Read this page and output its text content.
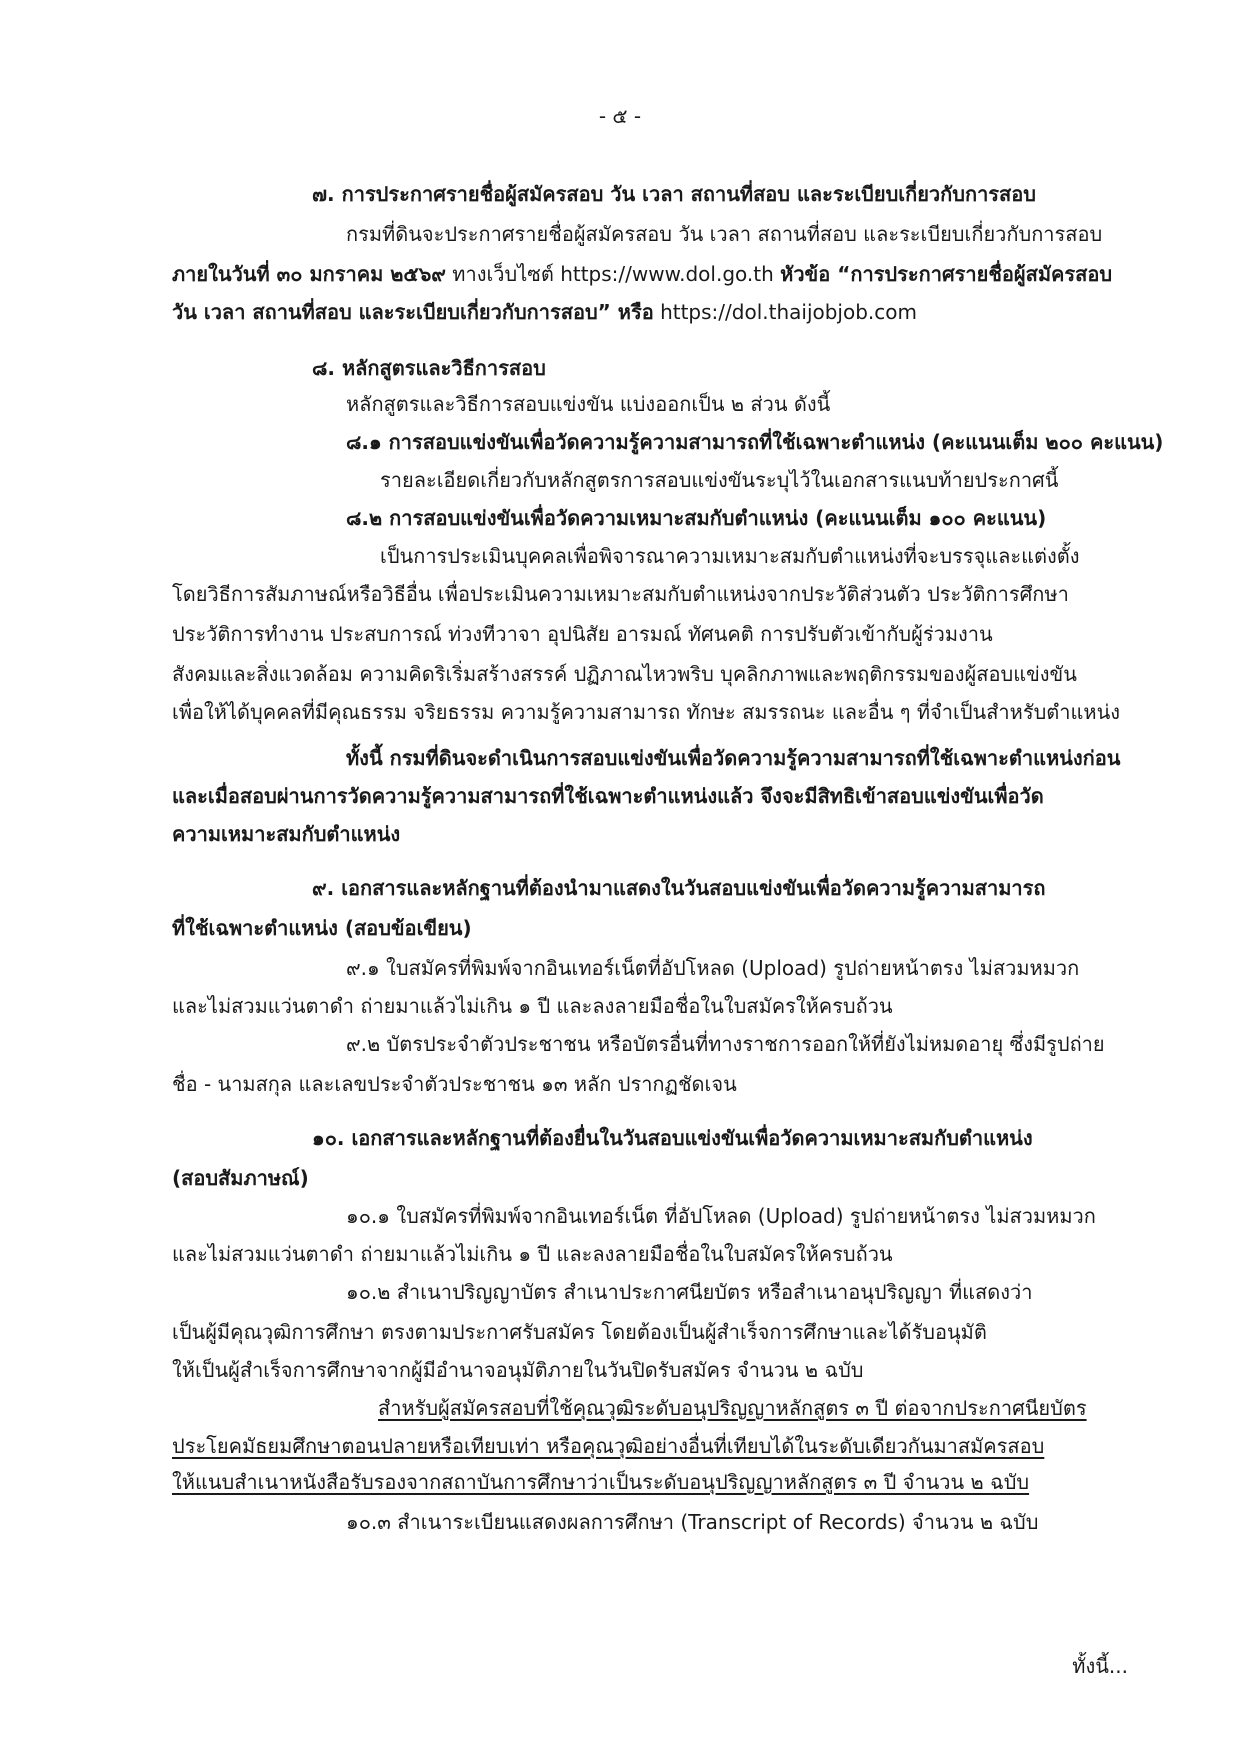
- ๕ -
๗. การประกาศรายชื่อผู้สมัครสอบ วัน เวลา สถานที่สอบ และระเบียบเกี่ยวกับการสอบ
กรมที่ดินจะประกาศรายชื่อผู้สมัครสอบ วัน เวลา สถานที่สอบ และระเบียบเกี่ยวกับการสอบ
ภายในวันที่ ๓๐ มกราคม ๒๕๖๙ ทางเว็บไซต์ https://www.dol.go.th หัวข้อ “การประกาศรายชื่อผู้สมัครสอบ
วัน เวลา สถานที่สอบ และระเบียบเกี่ยวกับการสอบ” หรือ https://dol.thaijobjob.com
๘. หลักสูตรและวิธีการสอบ
หลักสูตรและวิธีการสอบแข่งขัน แบ่งออกเป็น ๒ ส่วน ดังนี้
๘.๑ การสอบแข่งขันเพื่อวัดความรู้ความสามารถที่ใช้เฉพาะตำแหน่ง (คะแนนเต็ม ๒๐๐ คะแนน)
รายละเอียดเกี่ยวกับหลักสูตรการสอบแข่งขันระบุไว้ในเอกสารแนบท้ายประกาศนี้
๘.๒ การสอบแข่งขันเพื่อวัดความเหมาะสมกับตำแหน่ง (คะแนนเต็ม ๑๐๐ คะแนน)
เป็นการประเมินบุคคลเพื่อพิจารณาความเหมาะสมกับตำแหน่งที่จะบรรจุและแต่งตั้ง
โดยวิธีการสัมภาษณ์หรือวิธีอื่น เพื่อประเมินความเหมาะสมกับตำแหน่งจากประวัติส่วนตัว ประวัติการศึกษา
ประวัติการทำงาน ประสบการณ์ ท่วงทีวาจา อุปนิสัย อารมณ์ ทัศนคติ การปรับตัวเข้ากับผู้ร่วมงาน
สังคมและสิ่งแวดล้อม ความคิดริเริ่มสร้างสรรค์ ปฏิภาณไหวพริบ บุคลิกภาพและพฤติกรรมของผู้สอบแข่งขัน
เพื่อให้ได้บุคคลที่มีคุณธรรม จริยธรรม ความรู้ความสามารถ ทักษะ สมรรถนะ และอื่น ๆ ที่จำเป็นสำหรับตำแหน่ง
ทั้งนี้ กรมที่ดินจะดำเนินการสอบแข่งขันเพื่อวัดความรู้ความสามารถที่ใช้เฉพาะตำแหน่งก่อน
และเมื่อสอบผ่านการวัดความรู้ความสามารถที่ใช้เฉพาะตำแหน่งแล้ว จึงจะมีสิทธิเข้าสอบแข่งขันเพื่อวัด
ความเหมาะสมกับตำแหน่ง
๙. เอกสารและหลักฐานที่ต้องนำมาแสดงในวันสอบแข่งขันเพื่อวัดความรู้ความสามารถ
ที่ใช้เฉพาะตำแหน่ง (สอบข้อเขียน)
๙.๑ ใบสมัครที่พิมพ์จากอินเทอร์เน็ตที่อัปโหลด (Upload) รูปถ่ายหน้าตรง ไม่สวมหมวก
และไม่สวมแว่นตาดำ ถ่ายมาแล้วไม่เกิน ๑ ปี และลงลายมือชื่อในใบสมัครให้ครบถ้วน
๙.๒ บัตรประจำตัวประชาชน หรือบัตรอื่นที่ทางราชการออกให้ที่ยังไม่หมดอายุ ซึ่งมีรูปถ่าย
ชื่อ - นามสกุล และเลขประจำตัวประชาชน ๑๓ หลัก ปรากฏชัดเจน
๑๐. เอกสารและหลักฐานที่ต้องยื่นในวันสอบแข่งขันเพื่อวัดความเหมาะสมกับตำแหน่ง
(สอบสัมภาษณ์)
๑๐.๑ ใบสมัครที่พิมพ์จากอินเทอร์เน็ต ที่อัปโหลด (Upload) รูปถ่ายหน้าตรง ไม่สวมหมวก
และไม่สวมแว่นตาดำ ถ่ายมาแล้วไม่เกิน ๑ ปี และลงลายมือชื่อในใบสมัครให้ครบถ้วน
๑๐.๒ สำเนาปริญญาบัตร สำเนาประกาศนียบัตร หรือสำเนาอนุปริญญา ที่แสดงว่า
เป็นผู้มีคุณวุฒิการศึกษา ตรงตามประกาศรับสมัคร โดยต้องเป็นผู้สำเร็จการศึกษาและได้รับอนุมัติ
ให้เป็นผู้สำเร็จการศึกษาจากผู้มีอำนาจอนุมัติภายในวันปิดรับสมัคร จำนวน ๒ ฉบับ
สำหรับผู้สมัครสอบที่ใช้คุณวุฒิระดับอนุปริญญาหลักสูตร ๓ ปี ต่อจากประกาศนียบัตร
ประโยคมัธยมศึกษาตอนปลายหรือเทียบเท่า หรือคุณวุฒิอย่างอื่นที่เทียบได้ในระดับเดียวกันมาสมัครสอบ
ให้แนบสำเนาหนังสือรับรองจากสถาบันการศึกษาว่าเป็นระดับอนุปริญญาหลักสูตร ๓ ปี จำนวน ๒ ฉบับ
๑๐.๓ สำเนาระเบียนแสดงผลการศึกษา (Transcript of Records) จำนวน ๒ ฉบับ
ทั้งนี้...
